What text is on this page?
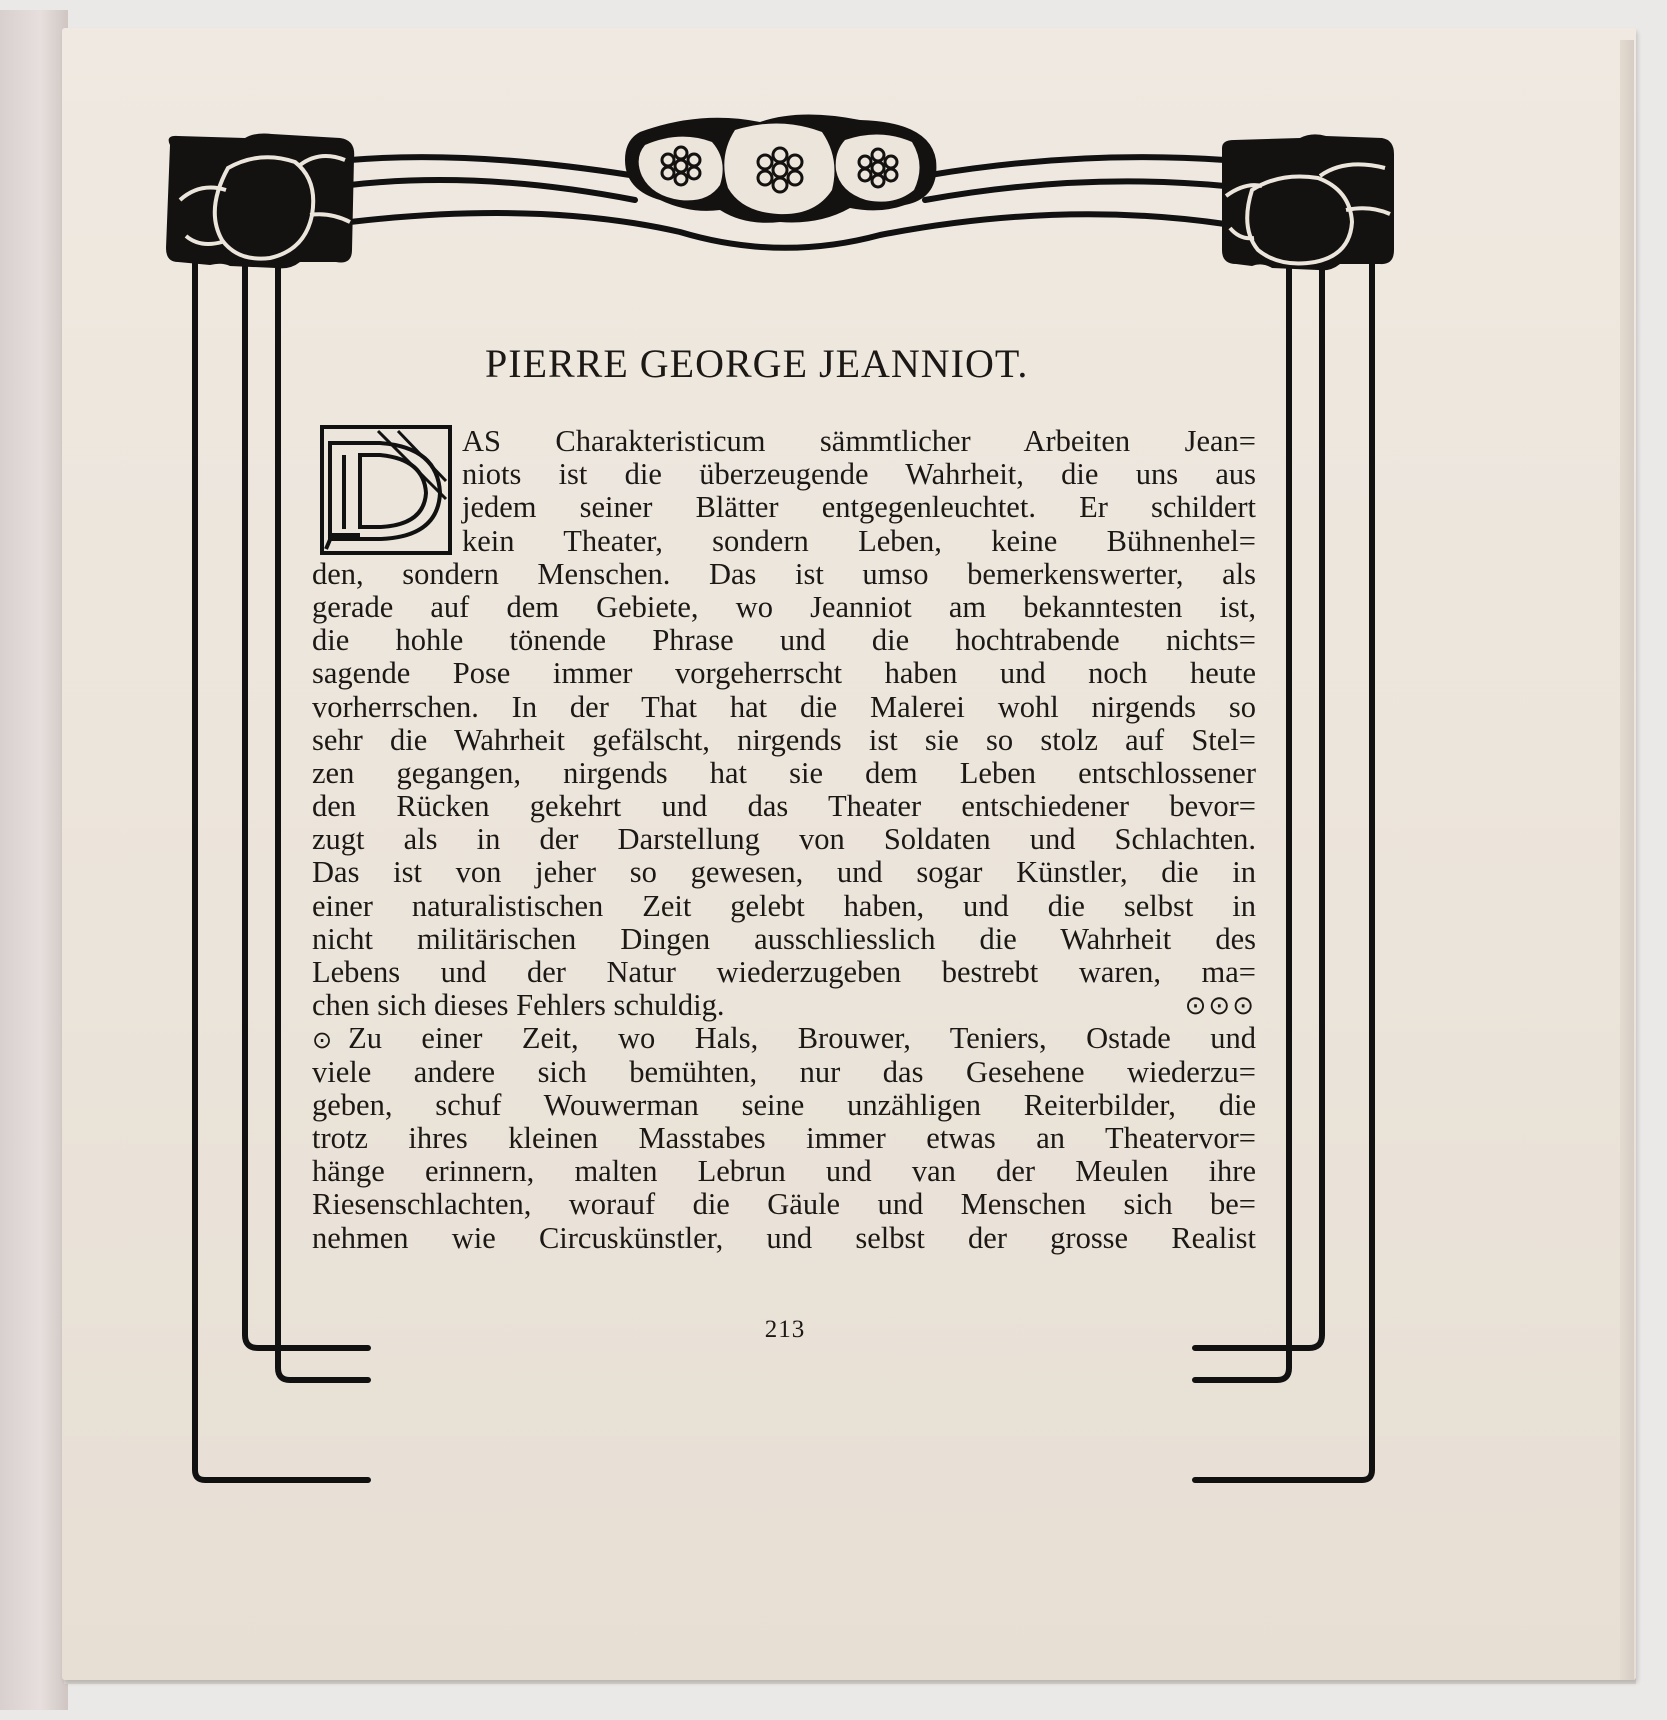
PIERRE GEORGE JEANNIOT.
AS Charakteristicum sämmtlicher Arbeiten Jean=
niots ist die überzeugende Wahrheit, die uns aus
jedem seiner Blätter entgegenleuchtet. Er schildert
kein Theater, sondern Leben, keine Bühnenhel=
den, sondern Menschen. Das ist umso bemerkenswerter, als
gerade auf dem Gebiete, wo Jeanniot am bekanntesten ist,
die hohle tönende Phrase und die hochtrabende nichts=
sagende Pose immer vorgeherrscht haben und noch heute
vorherrschen. In der That hat die Malerei wohl nirgends so
sehr die Wahrheit gefälscht, nirgends ist sie so stolz auf Stel=
zen gegangen, nirgends hat sie dem Leben entschlossener
den Rücken gekehrt und das Theater entschiedener bevor=
zugt als in der Darstellung von Soldaten und Schlachten.
Das ist von jeher so gewesen, und sogar Künstler, die in
einer naturalistischen Zeit gelebt haben, und die selbst in
nicht militärischen Dingen ausschliesslich die Wahrheit des
Lebens und der Natur wiederzugeben bestrebt waren, ma=
chen sich dieses Fehlers schuldig.	⊙⊙⊙
⊙ Zu einer Zeit, wo Hals, Brouwer, Teniers, Ostade und
viele andere sich bemühten, nur das Gesehene wiederzu=
geben, schuf Wouwerman seine unzähligen Reiterbilder, die
trotz ihres kleinen Masstabes immer etwas an Theatervor=
hänge erinnern, malten Lebrun und van der Meulen ihre
Riesenschlachten, worauf die Gäule und Menschen sich be=
nehmen wie Circuskünstler, und selbst der grosse Realist
213
